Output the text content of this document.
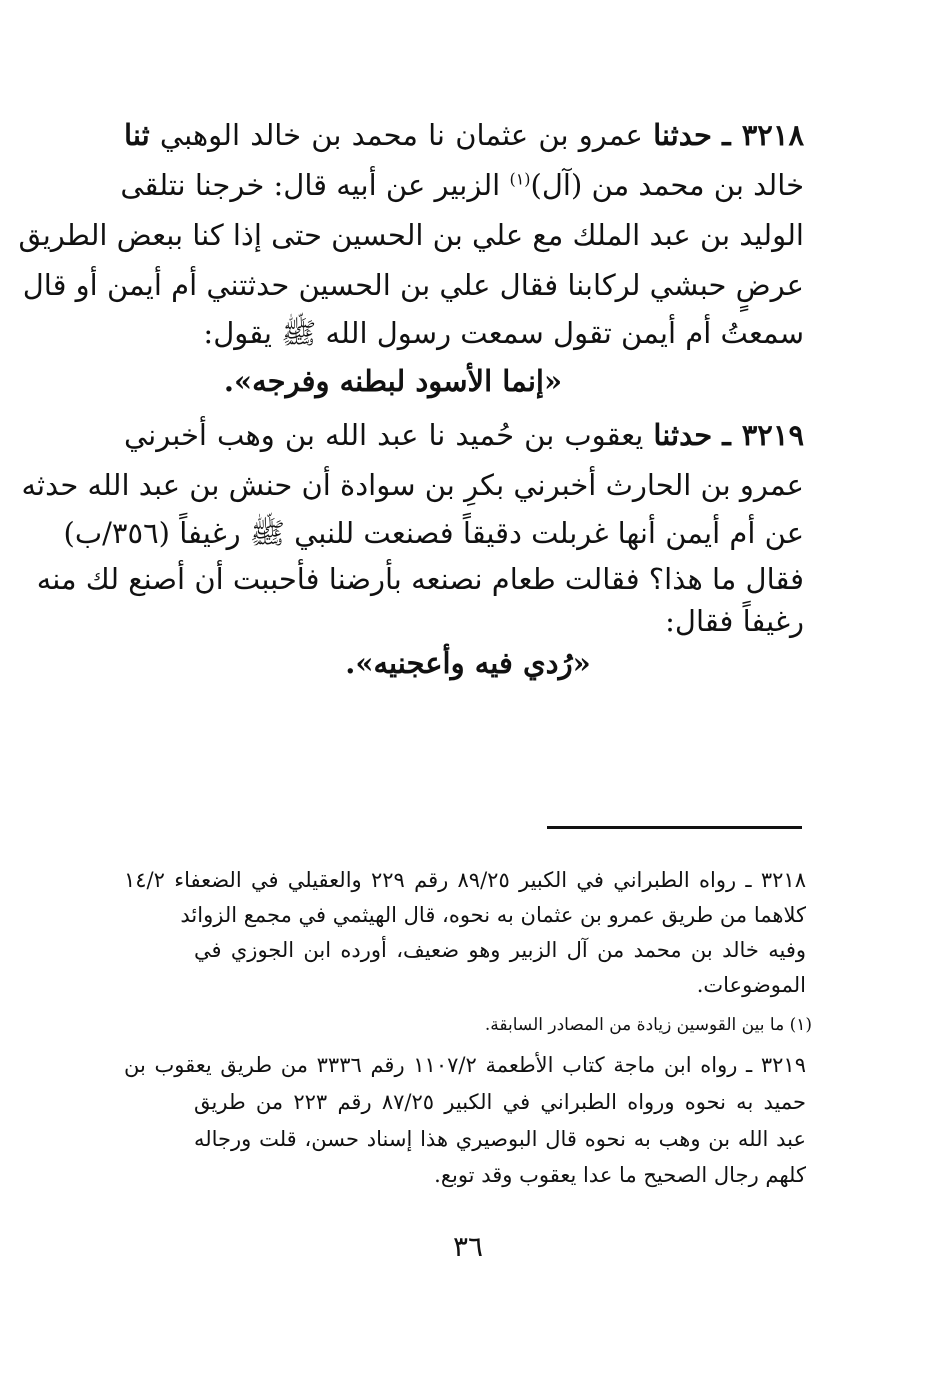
٣٢١٨ ـ حدثنا عمرو بن عثمان نا محمد بن خالد الوهبي ثنا
خالد بن محمد من (آل)$^{(١)}$ الزبير عن أبيه قال: خرجنا نتلقى
الوليد بن عبد الملك مع علي بن الحسين حتى إذا كنا ببعض الطريق
عرضٍ حبشي لركابنا فقال علي بن الحسين حدثتني أم أيمن أو قال
سمعتُ أم أيمن تقول سمعت رسول الله ﷺ يقول:
«إنما الأسود لبطنه وفرجه».
٣٢١٩ ـ حدثنا يعقوب بن حُميد نا عبد الله بن وهب أخبرني
عمرو بن الحارث أخبرني بكرِ بن سوادة أن حنش بن عبد الله حدثه
عن أم أيمن أنها غربلت دقيقاً فصنعت للنبي ﷺ رغيفاً (٣٥٦/ب)
فقال ما هذا؟ فقالت طعام نصنعه بأرضنا فأحببت أن أصنع لك منه
رغيفاً فقال:
«رُدي فيه وأعجنيه».
٣٢١٨ ـ رواه الطبراني في الكبير ٨٩/٢٥ رقم ٢٢٩ والعقيلي في الضعفاء ١٤/٢
كلاهما من طريق عمرو بن عثمان به نحوه، قال الهيثمي في مجمع الزوائد
وفيه خالد بن محمد من آل الزبير وهو ضعيف، أورده ابن الجوزي في
الموضوعات.
(١) ما بين القوسين زيادة من المصادر السابقة.
٣٢١٩ ـ رواه ابن ماجة كتاب الأطعمة ١١٠٧/٢ رقم ٣٣٣٦ من طريق يعقوب بن
حميد به نحوه ورواه الطبراني في الكبير ٨٧/٢٥ رقم ٢٢٣ من طريق
عبد الله بن وهب به نحوه قال البوصيري هذا إسناد حسن، قلت ورجاله
كلهم رجال الصحيح ما عدا يعقوب وقد توبع.
٣٦
